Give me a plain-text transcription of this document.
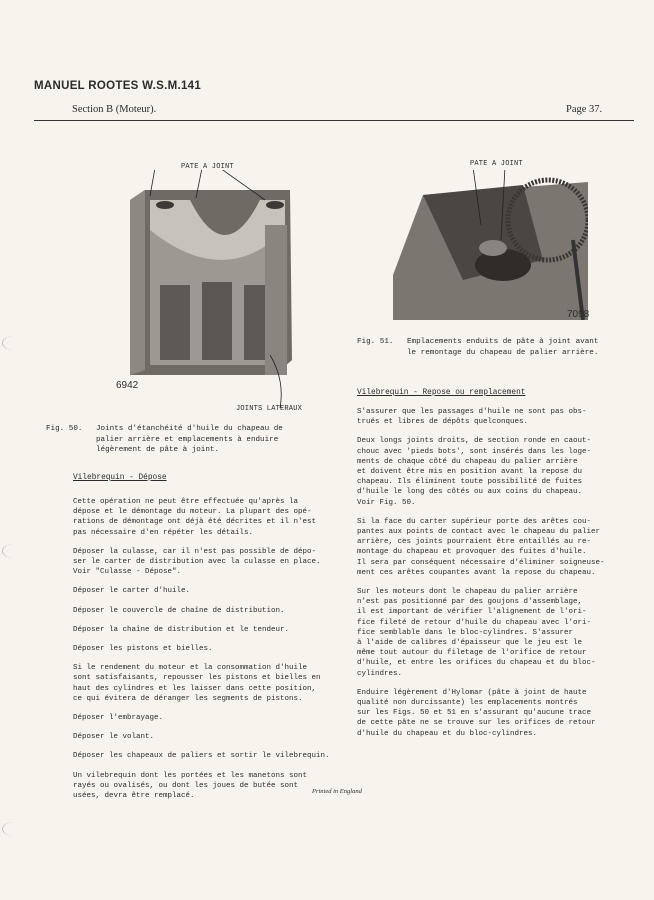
MANUEL ROOTES W.S.M.141
Section B (Moteur).	Page 37.
PATE A JOINT
6942
JOINTS LATERAUX
Fig. 50. Joints d'étanchéité d'huile du chapeau de
palier arrière et emplacements à enduire
légèrement de pâte à joint.
PATE A JOINT
7098
Fig. 51. Emplacements enduits de pâte à joint avant
le remontage du chapeau de palier arrière.
Vilebrequin - Dépose

Cette opération ne peut être effectuée qu'après la
dépose et le démontage du moteur. La plupart des opé-
rations de démontage ont déjà été décrites et il n'est
pas nécessaire d'en répéter les détails.

Déposer la culasse, car il n'est pas possible de dépo-
ser le carter de distribution avec la culasse en place.
Voir "Culasse - Dépose".

Déposer le carter d'huile.

Déposer le couvercle de chaîne de distribution.

Déposer la chaîne de distribution et le tendeur.

Déposer les pistons et bielles.

Si le rendement du moteur et la consommation d'huile
sont satisfaisants, repousser les pistons et bielles en
haut des cylindres et les laisser dans cette position,
ce qui évitera de déranger les segments de pistons.

Déposer l'embrayage.

Déposer le volant.

Déposer les chapeaux de paliers et sortir le vilebrequin.

Un vilebrequin dont les portées et les manetons sont
rayés ou ovalisés, ou dont les joues de butée sont
usées, devra être remplacé.

Vilebrequin - Repose ou remplacement

S'assurer que les passages d'huile ne sont pas obs-
trués et libres de dépôts quelconques.

Deux longs joints droits, de section ronde en caout-
chouc avec 'pieds bots', sont insérés dans les loge-
ments de chaque côté du chapeau du palier arrière
et doivent être mis en position avant la repose du
chapeau. Ils éliminent toute possibilité de fuites
d'huile le long des côtés ou aux coins du chapeau.
Voir Fig. 50.

Si la face du carter supérieur porte des arêtes cou-
pantes aux points de contact avec le chapeau du palier
arrière, ces joints pourraient être entaillés au re-
montage du chapeau et provoquer des fuites d'huile.
Il sera par conséquent nécessaire d'éliminer soigneuse-
ment ces arêtes coupantes avant la repose du chapeau.

Sur les moteurs dont le chapeau du palier arrière
n'est pas positionné par des goujons d'assemblage,
il est important de vérifier l'alignement de l'ori-
fice fileté de retour d'huile du chapeau avec l'ori-
fice semblable dans le bloc-cylindres. S'assurer
à l'aide de calibres d'épaisseur que le jeu est le
même tout autour du filetage de l'orifice de retour
d'huile, et entre les orifices du chapeau et du bloc-
cylindres.

Enduire légèrement d'Hylomar (pâte à joint de haute
qualité non durcissante) les emplacements montrés
sur les Figs. 50 et 51 en s'assurant qu'aucune trace
de cette pâte ne se trouve sur les orifices de retour
d'huile du chapeau et du bloc-cylindres.

Printed in England
